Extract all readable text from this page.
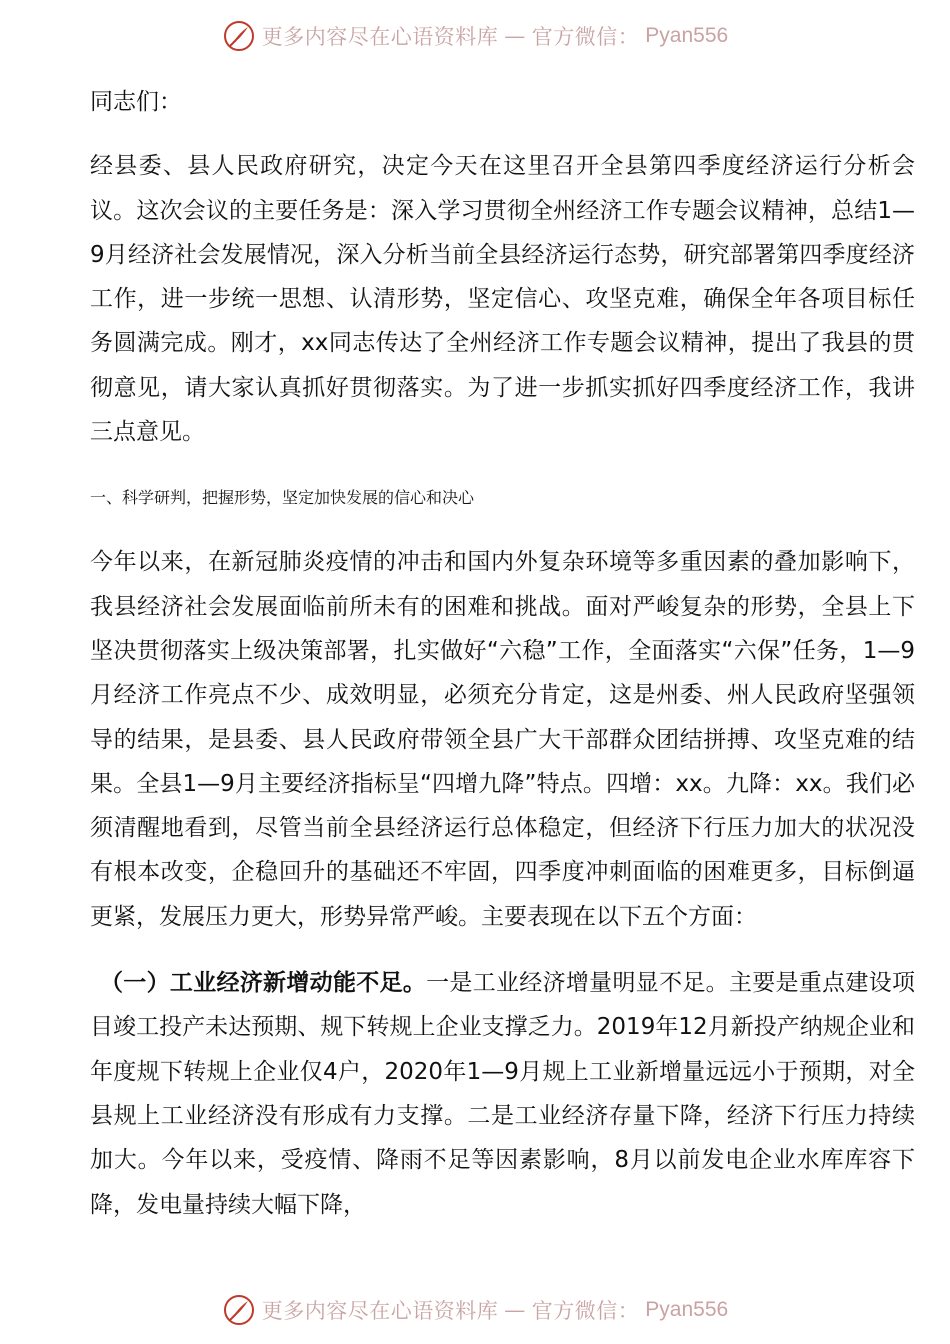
更多内容尽在心语资料库 — 官方微信： Pyan556

同志们：

经县委、县人民政府研究，决定今天在这里召开全县第四季度经济运行分析会议。这次会议的主要任务是：深入学习贯彻全州经济工作专题会议精神，总结1—9月经济社会发展情况，深入分析当前全县经济运行态势，研究部署第四季度经济工作，进一步统一思想、认清形势，坚定信心、攻坚克难，确保全年各项目标任务圆满完成。刚才，xx同志传达了全州经济工作专题会议精神，提出了我县的贯彻意见，请大家认真抓好贯彻落实。为了进一步抓实抓好四季度经济工作，我讲三点意见。

一、科学研判，把握形势，坚定加快发展的信心和决心

今年以来，在新冠肺炎疫情的冲击和国内外复杂环境等多重因素的叠加影响下，我县经济社会发展面临前所未有的困难和挑战。面对严峻复杂的形势，全县上下坚决贯彻落实上级决策部署，扎实做好“六稳”工作，全面落实“六保”任务，1—9月经济工作亮点不少、成效明显，必须充分肯定，这是州委、州人民政府坚强领导的结果，是县委、县人民政府带领全县广大干部群众团结拼搏、攻坚克难的结果。全县1—9月主要经济指标呈“四增九降”特点。四增：xx。九降：xx。我们必须清醒地看到，尽管当前全县经济运行总体稳定，但经济下行压力加大的状况没有根本改变，企稳回升的基础还不牢固，四季度冲刺面临的困难更多，目标倒逼更紧，发展压力更大，形势异常严峻。主要表现在以下五个方面：

（一）工业经济新增动能不足。一是工业经济增量明显不足。主要是重点建设项目竣工投产未达预期、规下转规上企业支撑乏力。2019年12月新投产纳规企业和年度规下转规上企业仅4户，2020年1—9月规上工业新增量远远小于预期，对全县规上工业经济没有形成有力支撑。二是工业经济存量下降，经济下行压力持续加大。今年以来，受疫情、降雨不足等因素影响，8月以前发电企业水库库容下降，发电量持续大幅下降，

更多内容尽在心语资料库 — 官方微信： Pyan556
